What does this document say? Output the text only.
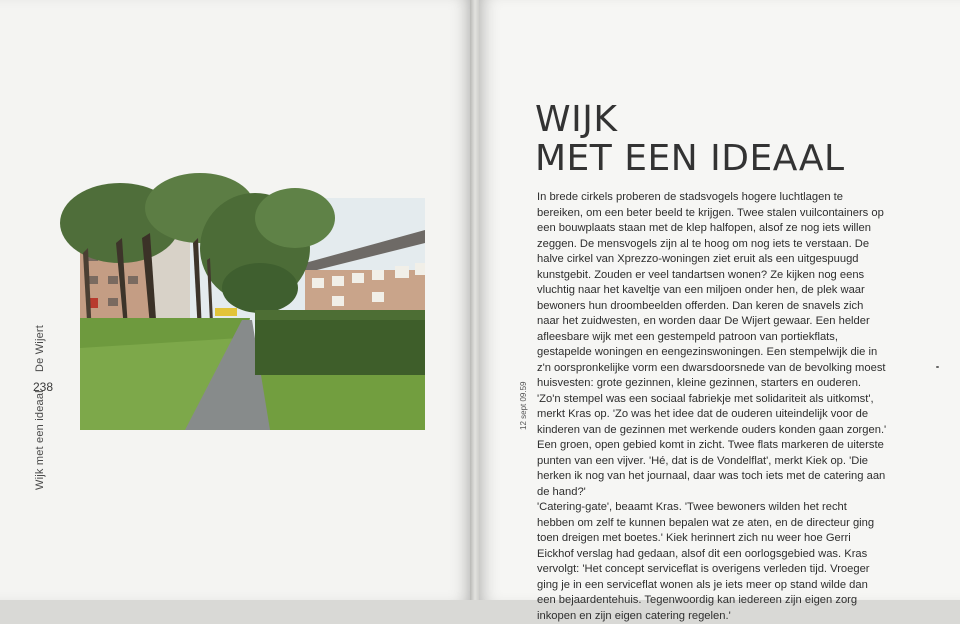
De Wijert
238
Wijk met een ideaal
WIJK
MET EEN IDEAAL
12 sept 09.59

In brede cirkels proberen de stadsvogels hogere luchtlagen te bereiken, om een beter beeld te krijgen. Twee stalen vuilcontainers op een bouwplaats staan met de klep halfopen, alsof ze nog iets willen zeggen. De mensvogels zijn al te hoog om nog iets te verstaan. De halve cirkel van Xprezzo-woningen ziet eruit als een uitgespuugd kunstgebit. Zouden er veel tandartsen wonen? Ze kijken nog eens vluchtig naar het kaveltje van een miljoen onder hen, de plek waar bewoners hun droombeelden offerden. Dan keren de snavels zich naar het zuidwesten, en worden daar De Wijert gewaar. Een helder afleesbare wijk met een gestempeld patroon van portiekflats, gestapelde woningen en eengezinswoningen. Een stempelwijk die in z'n oorspronkelijke vorm een dwarsdoorsnede van de bevolking moest huisvesten: grote gezinnen, kleine gezinnen, starters en ouderen.

'Zo'n stempel was een sociaal fabriekje met solidariteit als uitkomst', merkt Kras op. 'Zo was het idee dat de ouderen uiteindelijk voor de kinderen van de gezinnen met werkende ouders konden gaan zorgen.' Een groen, open gebied komt in zicht. Twee flats markeren de uiterste punten van een vijver. 'Hé, dat is de Vondelflat', merkt Kiek op. 'Die herken ik nog van het journaal, daar was toch iets met de catering aan de hand?'

'Catering-gate', beaamt Kras. 'Twee bewoners wilden het recht hebben om zelf te kunnen bepalen wat ze aten, en de directeur ging toen dreigen met boetes.' Kiek herinnert zich nu weer hoe Gerri Eickhof verslag had gedaan, alsof dit een oorlogsgebied was. Kras vervolgt: 'Het concept serviceflat is overigens verleden tijd. Vroeger ging je in een serviceflat wonen als je iets meer op stand wilde dan een bejaardentehuis. Tegenwoordig kan iedereen zijn eigen zorg inkopen en zijn eigen catering regelen.'
